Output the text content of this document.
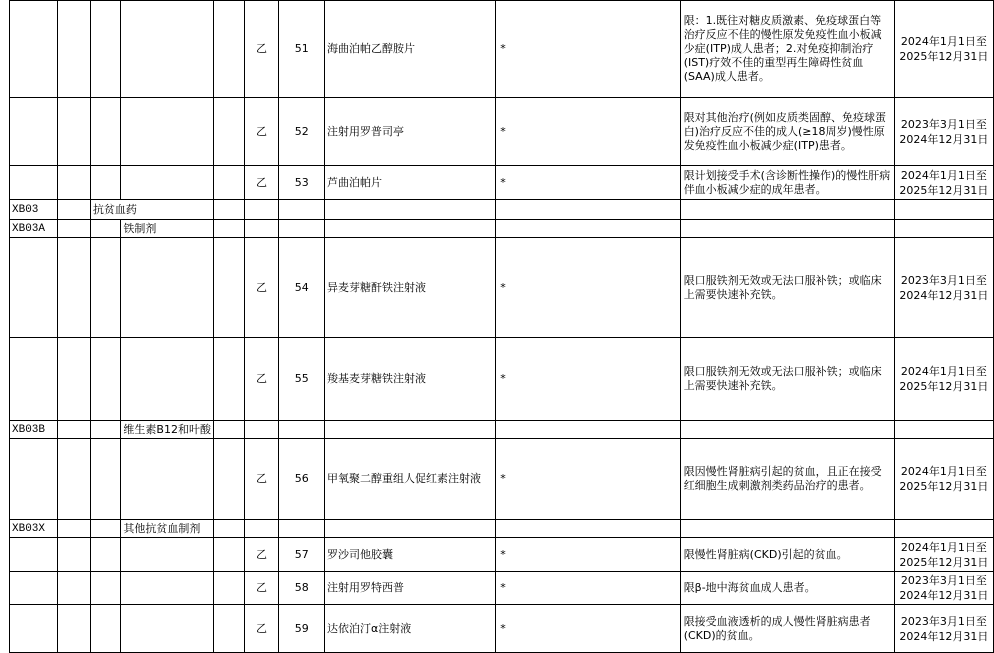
					乙	51	海曲泊帕乙醇胺片	*	限：1.既往对糖皮质激素、免疫球蛋白等治疗反应不佳的慢性原发免疫性血小板减少症(ITP)成人患者；2.对免疫抑制治疗(IST)疗效不佳的重型再生障碍性贫血(SAA)成人患者。	2024年1月1日至
2025年12月31日

					乙	52	注射用罗普司亭	*	限对其他治疗(例如皮质类固醇、免疫球蛋白)治疗反应不佳的成人(≥18周岁)慢性原发免疫性血小板减少症(ITP)患者。	2023年3月1日至
2024年12月31日

					乙	53	芦曲泊帕片	*	限计划接受手术(含诊断性操作)的慢性肝病伴血小板减少症的成年患者。	2024年1月1日至
2025年12月31日

XB03		抗贫血药								
XB03A			铁制剂							
					乙	54	异麦芽糖酐铁注射液	*	限口服铁剂无效或无法口服补铁；或临床上需要快速补充铁。	2023年3月1日至
2024年12月31日

					乙	55	羧基麦芽糖铁注射液	*	限口服铁剂无效或无法口服补铁；或临床上需要快速补充铁。	2024年1月1日至
2025年12月31日

XB03B			维生素B12和叶酸							
					乙	56	甲氧聚二醇重组人促红素注射液	*	限因慢性肾脏病引起的贫血，且正在接受红细胞生成刺激剂类药品治疗的患者。	2024年1月1日至
2025年12月31日

XB03X			其他抗贫血制剂							
					乙	57	罗沙司他胶囊	*	限慢性肾脏病(CKD)引起的贫血。	2024年1月1日至
2025年12月31日

					乙	58	注射用罗特西普	*	限β-地中海贫血成人患者。	2023年3月1日至
2024年12月31日

					乙	59	达依泊汀α注射液	*	限接受血液透析的成人慢性肾脏病患者(CKD)的贫血。	2023年3月1日至
2024年12月31日
